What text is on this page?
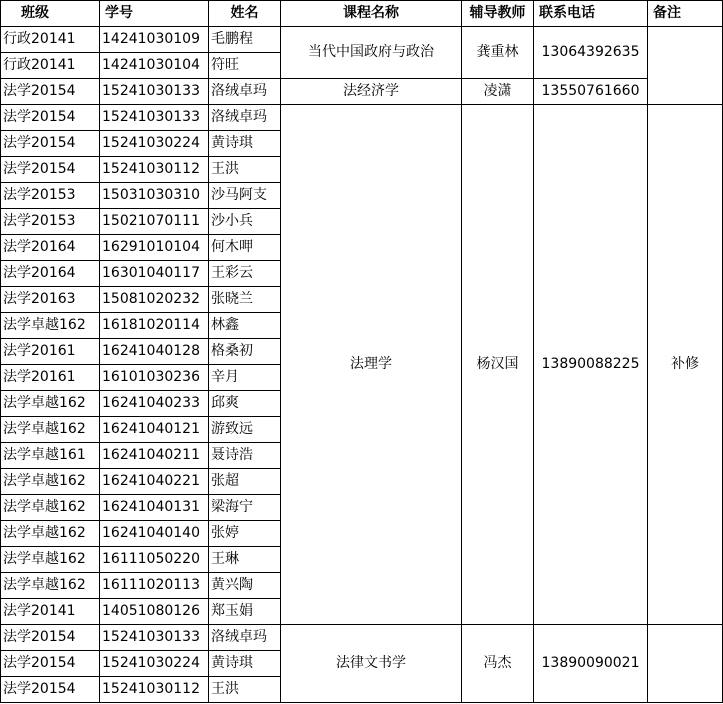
班级	学号	姓名	课程名称	辅导教师	联系电话	备注
行政20141	14241030109	毛鹏程	当代中国政府与政治	龚重林	13064392635	
行政20141	14241030104	符旺				
法学20154	15241030133	洛绒卓玛	法经济学	凌潇	13550761660	
法学20154	15241030133	洛绒卓玛	法理学	杨汉国	13890088225	补修
法学20154	15241030224	黄诗琪				
法学20154	15241030112	王洪				
法学20153	15031030310	沙马阿支				
法学20153	15021070111	沙小兵				
法学20164	16291010104	何木呷				
法学20164	16301040117	王彩云				
法学20163	15081020232	张晓兰				
法学卓越162	16181020114	林鑫				
法学20161	16241040128	格桑初				
法学20161	16101030236	辛月				
法学卓越162	16241040233	邱爽				
法学卓越162	16241040121	游致远				
法学卓越161	16241040211	聂诗浩				
法学卓越162	16241040221	张超				
法学卓越162	16241040131	梁海宁				
法学卓越162	16241040140	张婷				
法学卓越162	16111050220	王琳				
法学卓越162	16111020113	黄兴陶				
法学20141	14051080126	郑玉娟				
法学20154	15241030133	洛绒卓玛	法律文书学	冯杰	13890090021	
法学20154	15241030224	黄诗琪				
法学20154	15241030112	王洪				
